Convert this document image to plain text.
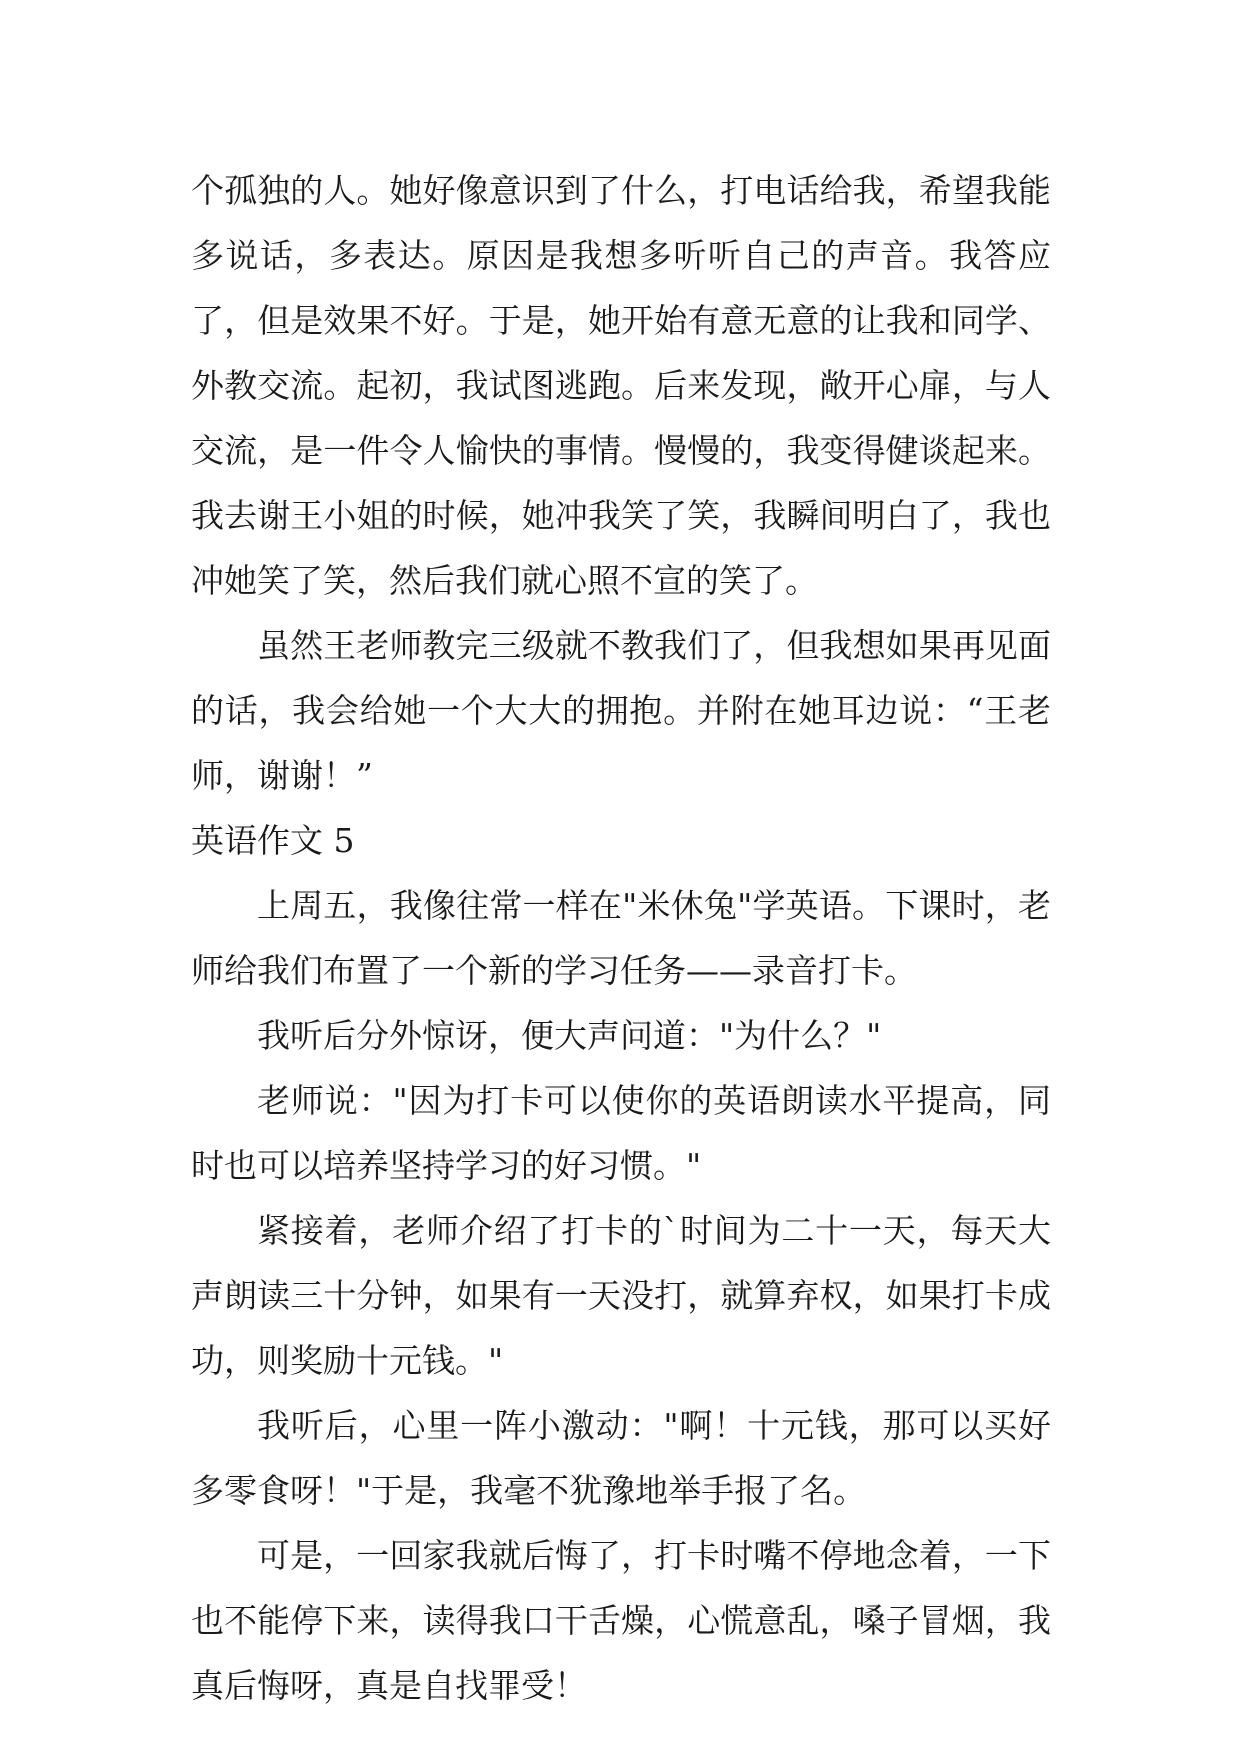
个孤独的人。她好像意识到了什么，打电话给我，希望我能多说话，多表达。原因是我想多听听自己的声音。我答应了，但是效果不好。于是，她开始有意无意的让我和同学、外教交流。起初，我试图逃跑。后来发现，敞开心扉，与人交流，是一件令人愉快的事情。慢慢的，我变得健谈起来。我去谢王小姐的时候，她冲我笑了笑，我瞬间明白了，我也冲她笑了笑，然后我们就心照不宣的笑了。

虽然王老师教完三级就不教我们了，但我想如果再见面的话，我会给她一个大大的拥抱。并附在她耳边说：“王老师，谢谢！”

英语作文 5

上周五，我像往常一样在"米休兔"学英语。下课时，老师给我们布置了一个新的学习任务——录音打卡。

我听后分外惊讶，便大声问道："为什么？"

老师说："因为打卡可以使你的英语朗读水平提高，同时也可以培养坚持学习的好习惯。"

紧接着，老师介绍了打卡的`时间为二十一天，每天大声朗读三十分钟，如果有一天没打，就算弃权，如果打卡成功，则奖励十元钱。"

我听后，心里一阵小激动："啊！十元钱，那可以买好多零食呀！"于是，我毫不犹豫地举手报了名。

可是，一回家我就后悔了，打卡时嘴不停地念着，一下也不能停下来，读得我口干舌燥，心慌意乱，嗓子冒烟，我真后悔呀，真是自找罪受！
